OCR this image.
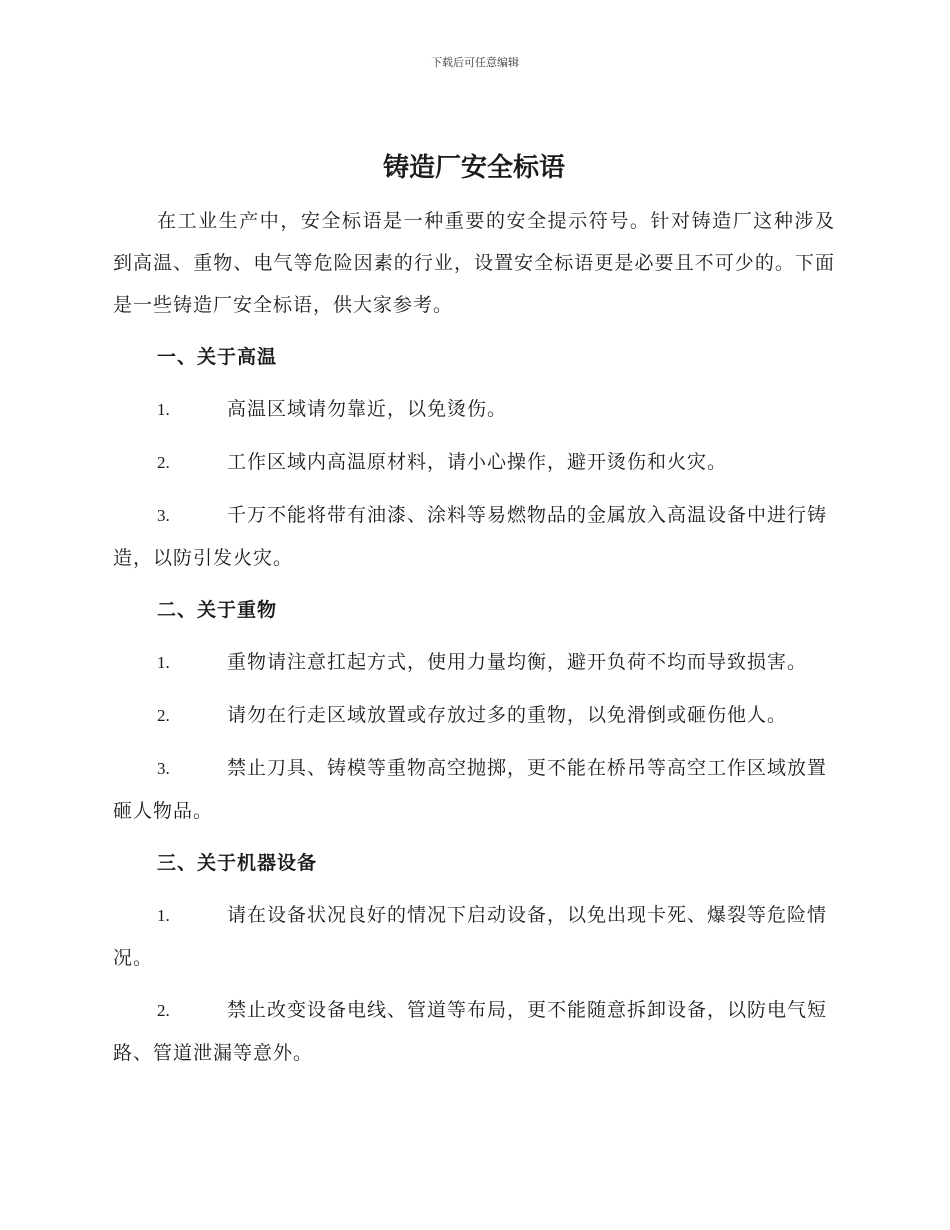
下载后可任意编辑
铸造厂安全标语

在工业生产中，安全标语是一种重要的安全提示符号。针对铸造厂这种涉及到高温、重物、电气等危险因素的行业，设置安全标语更是必要且不可少的。下面是一些铸造厂安全标语，供大家参考。

一、关于高温
1.	高温区域请勿靠近，以免烫伤。
2.	工作区域内高温原材料，请小心操作，避开烫伤和火灾。
3.	千万不能将带有油漆、涂料等易燃物品的金属放入高温设备中进行铸造，以防引发火灾。
二、关于重物
1.	重物请注意扛起方式，使用力量均衡，避开负荷不均而导致损害。
2.	请勿在行走区域放置或存放过多的重物，以免滑倒或砸伤他人。
3.	禁止刀具、铸模等重物高空抛掷，更不能在桥吊等高空工作区域放置砸人物品。
三、关于机器设备
1.	请在设备状况良好的情况下启动设备，以免出现卡死、爆裂等危险情况。
2.	禁止改变设备电线、管道等布局，更不能随意拆卸设备，以防电气短路、管道泄漏等意外。
